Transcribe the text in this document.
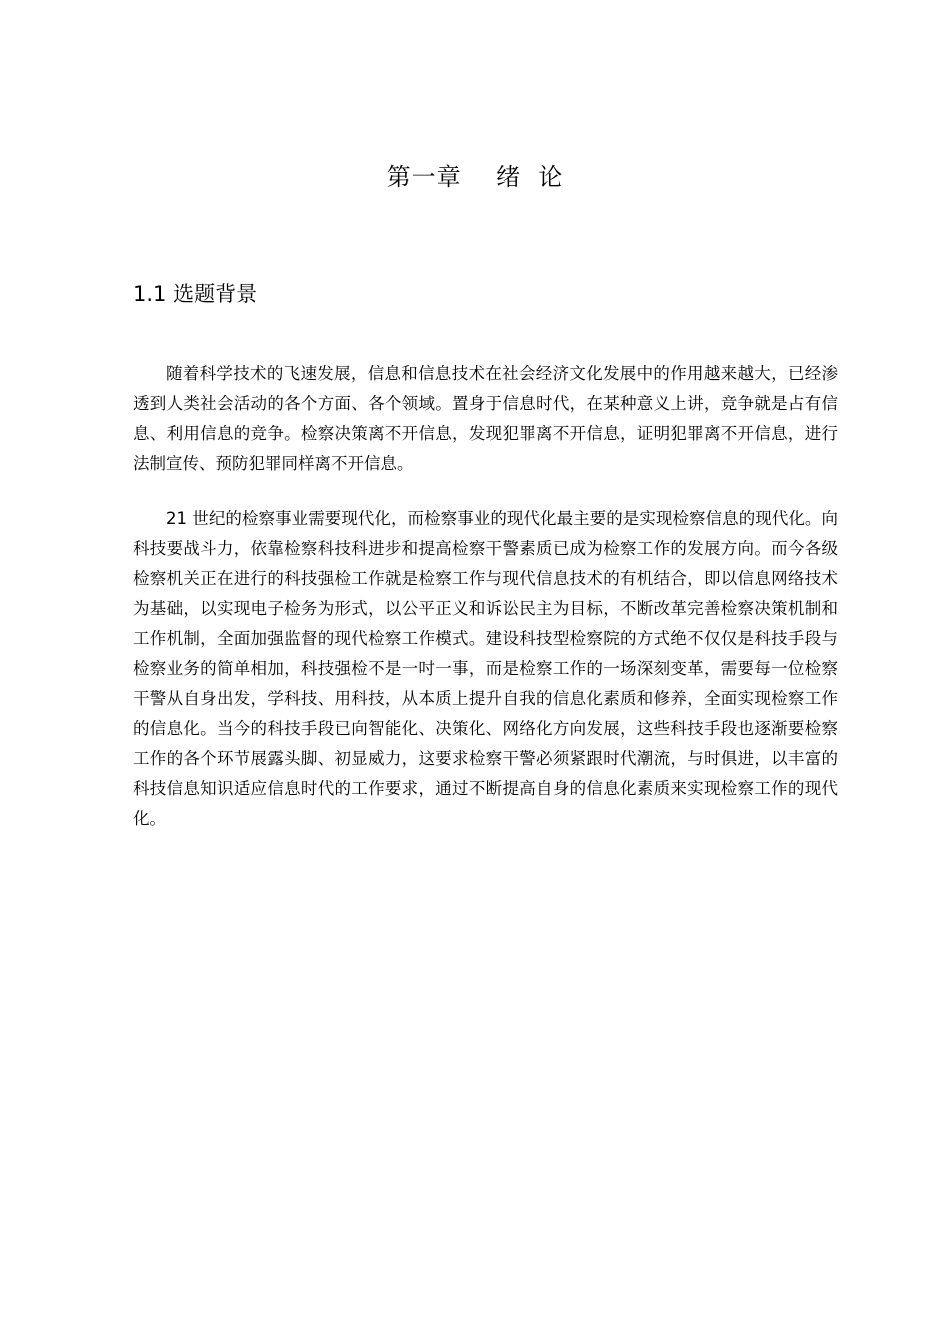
第一章    绪  论
1.1 选题背景

随着科学技术的飞速发展，信息和信息技术在社会经济文化发展中的作用越来越大，已经渗透到人类社会活动的各个方面、各个领域。置身于信息时代，在某种意义上讲，竞争就是占有信息、利用信息的竞争。检察决策离不开信息，发现犯罪离不开信息，证明犯罪离不开信息，进行法制宣传、预防犯罪同样离不开信息。

21 世纪的检察事业需要现代化，而检察事业的现代化最主要的是实现检察信息的现代化。向科技要战斗力，依靠检察科技科进步和提高检察干警素质已成为检察工作的发展方向。而今各级检察机关正在进行的科技强检工作就是检察工作与现代信息技术的有机结合，即以信息网络技术为基础，以实现电子检务为形式，以公平正义和诉讼民主为目标，不断改革完善检察决策机制和工作机制，全面加强监督的现代检察工作模式。建设科技型检察院的方式绝不仅仅是科技手段与检察业务的简单相加，科技强检不是一吋一事，而是检察工作的一场深刻变革，需要每一位检察干警从自身出发，学科技、用科技，从本质上提升自我的信息化素质和修养，全面实现检察工作的信息化。当今的科技手段已向智能化、决策化、网络化方向发展，这些科技手段也逐渐要检察工作的各个环节展露头脚、初显威力，这要求检察干警必须紧跟时代潮流，与时俱进，以丰富的科技信息知识适应信息时代的工作要求，通过不断提高自身的信息化素质来实现检察工作的现代化。
